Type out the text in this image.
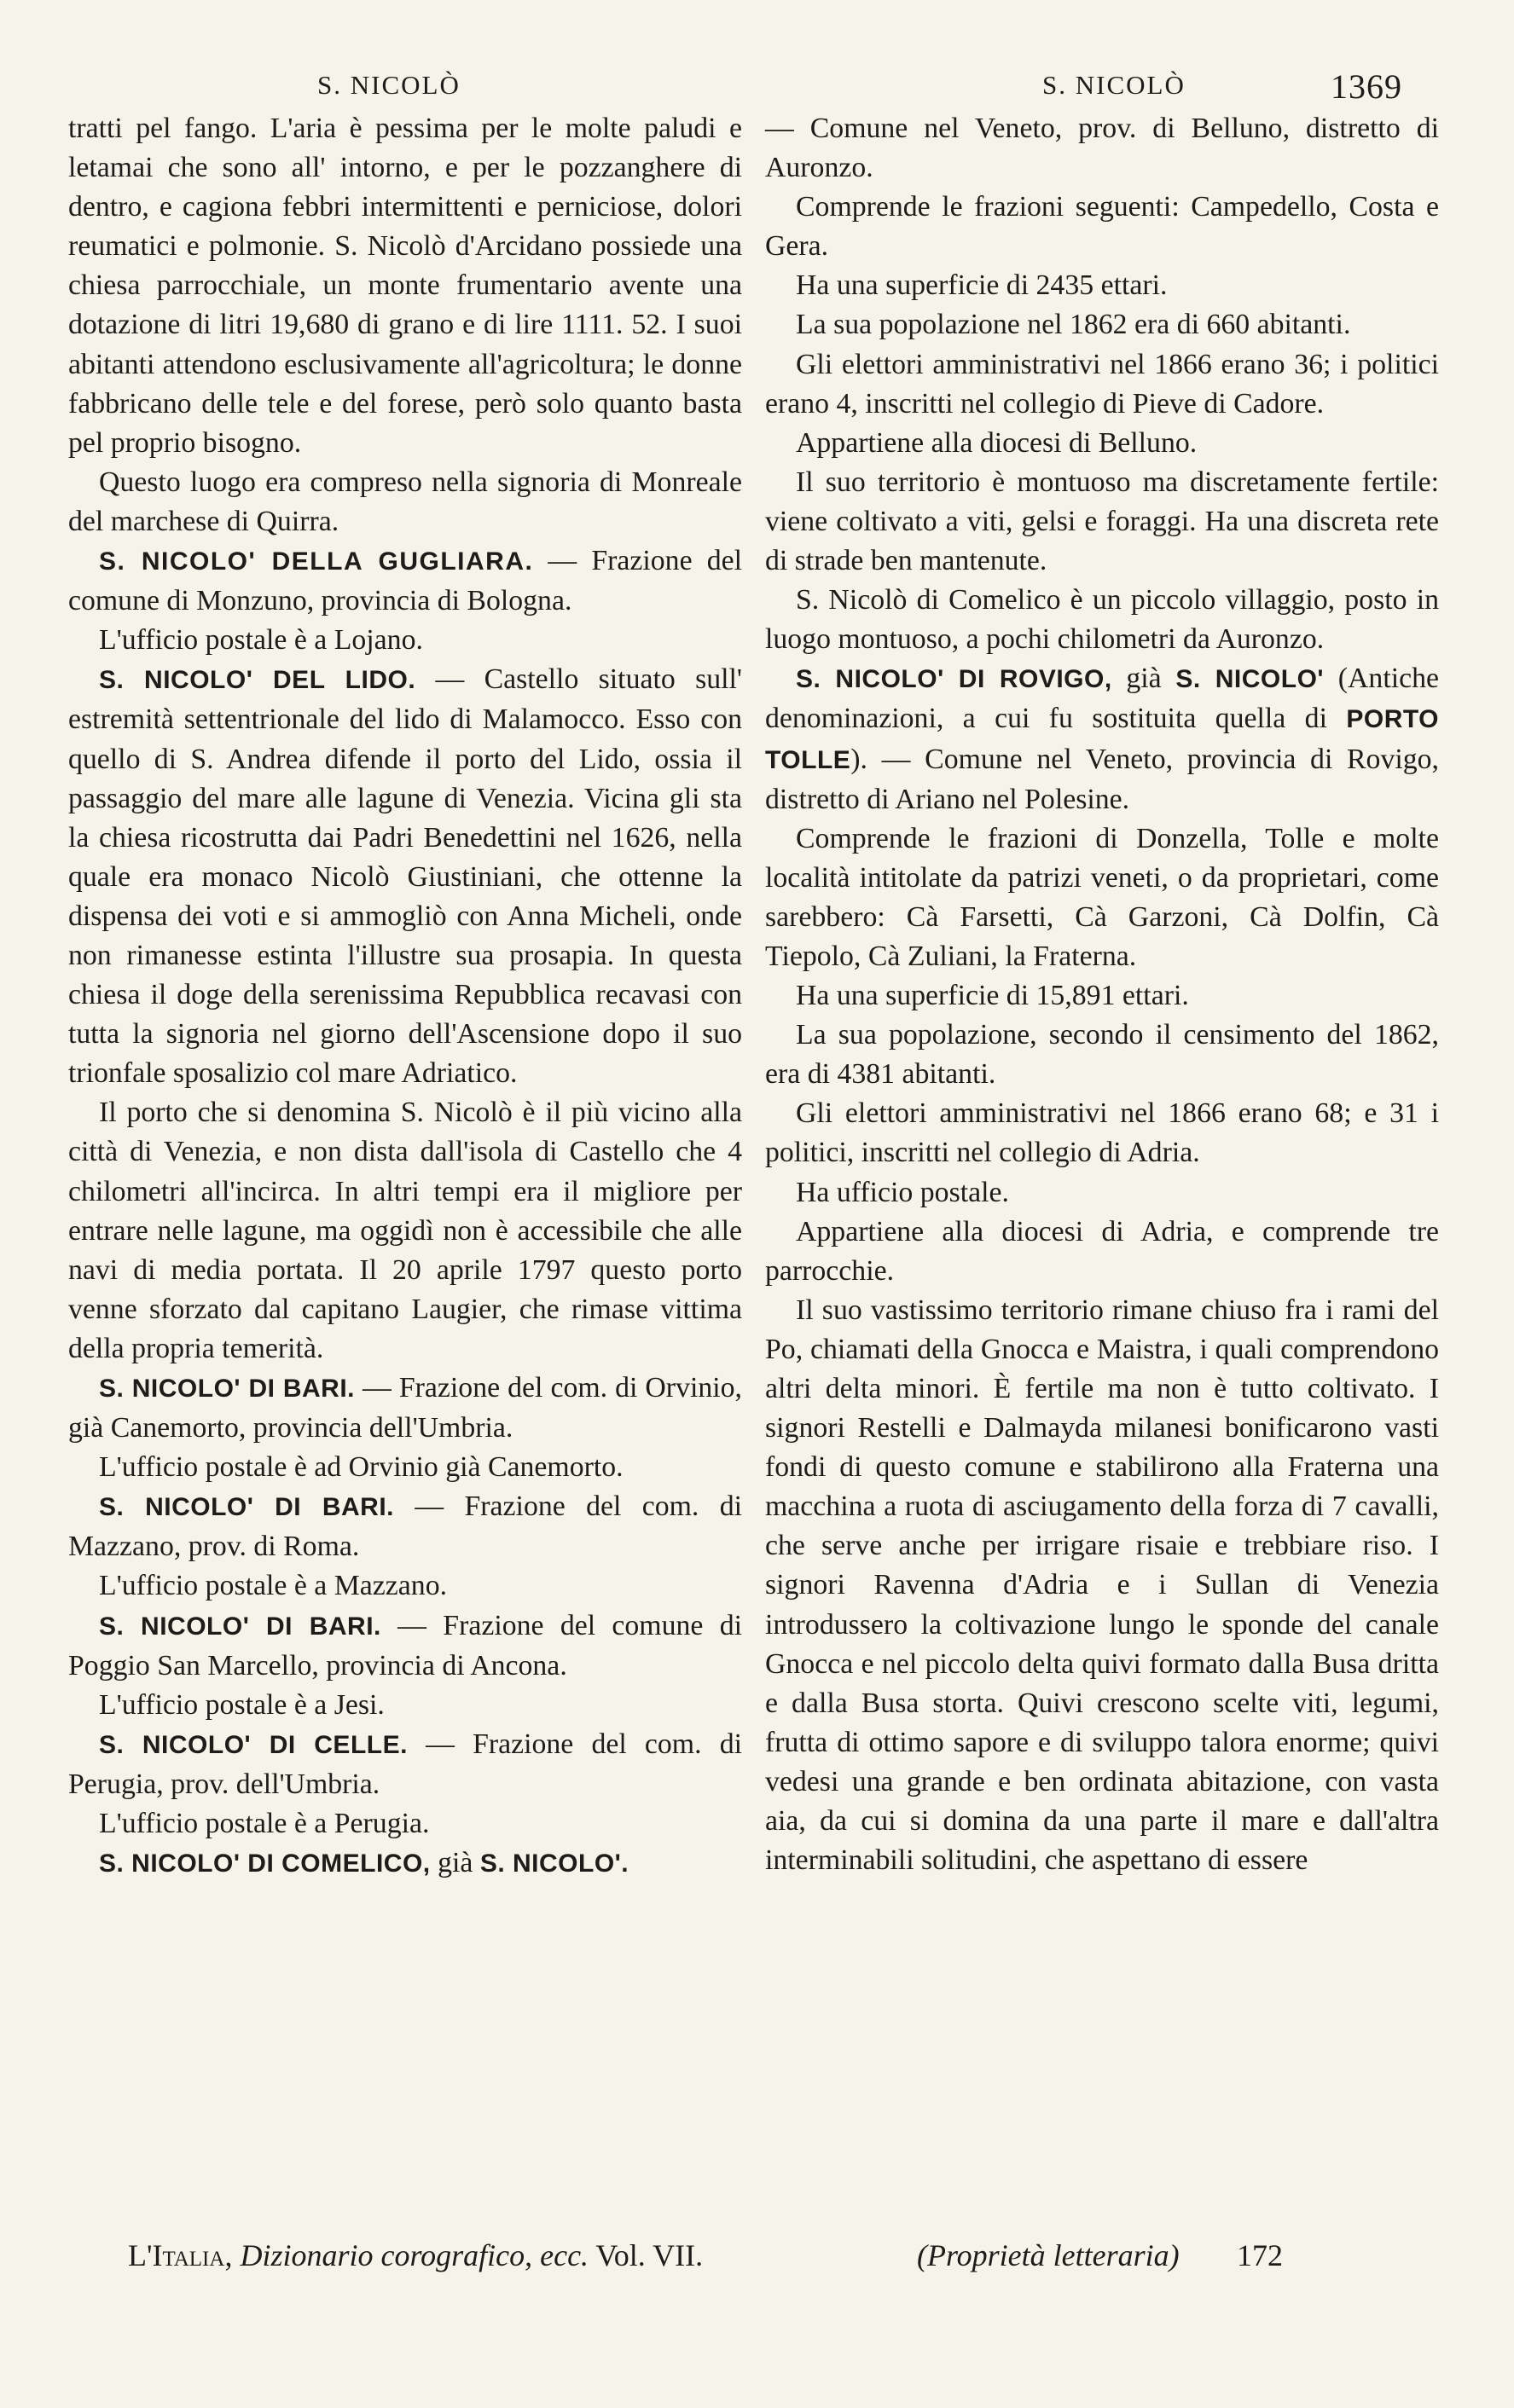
S. NICOLÒ	S. NICOLÒ	1369

tratti pel fango. L'aria è pessima per le molte paludi e letamai che sono all' intorno, e per le pozzanghere di dentro, e cagiona febbri intermittenti e perniciose, dolori reumatici e polmonie. S. Nicolò d'Arcidano possiede una chiesa parrocchiale, un monte frumentario avente una dotazione di litri 19,680 di grano e di lire 1111. 52. I suoi abitanti attendono esclusivamente all'agricoltura; le donne fabbricano delle tele e del forese, però solo quanto basta pel proprio bisogno.

Questo luogo era compreso nella signoria di Monreale del marchese di Quirra.

S. NICOLO' DELLA GUGLIARA. — Frazione del comune di Monzuno, provincia di Bologna.

L'ufficio postale è a Lojano.

S. NICOLO' DEL LIDO. — Castello situato sull' estremità settentrionale del lido di Malamocco. Esso con quello di S. Andrea difende il porto del Lido, ossia il passaggio del mare alle lagune di Venezia. Vicina gli sta la chiesa ricostrutta dai Padri Benedettini nel 1626, nella quale era monaco Nicolò Giustiniani, che ottenne la dispensa dei voti e si ammogliò con Anna Micheli, onde non rimanesse estinta l'illustre sua prosapia. In questa chiesa il doge della serenissima Repubblica recavasi con tutta la signoria nel giorno dell'Ascensione dopo il suo trionfale sposalizio col mare Adriatico.

Il porto che si denomina S. Nicolò è il più vicino alla città di Venezia, e non dista dall'isola di Castello che 4 chilometri all'incirca. In altri tempi era il migliore per entrare nelle lagune, ma oggidì non è accessibile che alle navi di media portata. Il 20 aprile 1797 questo porto venne sforzato dal capitano Laugier, che rimase vittima della propria temerità.

S. NICOLO' DI BARI. — Frazione del com. di Orvinio, già Canemorto, provincia dell'Umbria.

L'ufficio postale è ad Orvinio già Canemorto.

S. NICOLO' DI BARI. — Frazione del com. di Mazzano, prov. di Roma.

L'ufficio postale è a Mazzano.

S. NICOLO' DI BARI. — Frazione del comune di Poggio San Marcello, provincia di Ancona.

L'ufficio postale è a Jesi.

S. NICOLO' DI CELLE. — Frazione del com. di Perugia, prov. dell'Umbria.

L'ufficio postale è a Perugia.

S. NICOLO' DI COMELICO, già S. NICOLO'.

— Comune nel Veneto, prov. di Belluno, distretto di Auronzo.

Comprende le frazioni seguenti: Campedello, Costa e Gera.

Ha una superficie di 2435 ettari.

La sua popolazione nel 1862 era di 660 abitanti.

Gli elettori amministrativi nel 1866 erano 36; i politici erano 4, inscritti nel collegio di Pieve di Cadore.

Appartiene alla diocesi di Belluno.

Il suo territorio è montuoso ma discretamente fertile: viene coltivato a viti, gelsi e foraggi. Ha una discreta rete di strade ben mantenute.

S. Nicolò di Comelico è un piccolo villaggio, posto in luogo montuoso, a pochi chilometri da Auronzo.

S. NICOLO' DI ROVIGO, già S. NICOLO' (Antiche denominazioni, a cui fu sostituita quella di PORTO TOLLE). — Comune nel Veneto, provincia di Rovigo, distretto di Ariano nel Polesine.

Comprende le frazioni di Donzella, Tolle e molte località intitolate da patrizi veneti, o da proprietari, come sarebbero: Cà Farsetti, Cà Garzoni, Cà Dolfin, Cà Tiepolo, Cà Zuliani, la Fraterna.

Ha una superficie di 15,891 ettari.

La sua popolazione, secondo il censimento del 1862, era di 4381 abitanti.

Gli elettori amministrativi nel 1866 erano 68; e 31 i politici, inscritti nel collegio di Adria.

Ha ufficio postale.

Appartiene alla diocesi di Adria, e comprende tre parrocchie.

Il suo vastissimo territorio rimane chiuso fra i rami del Po, chiamati della Gnocca e Maistra, i quali comprendono altri delta minori. È fertile ma non è tutto coltivato. I signori Restelli e Dalmayda milanesi bonificarono vasti fondi di questo comune e stabilirono alla Fraterna una macchina a ruota di asciugamento della forza di 7 cavalli, che serve anche per irrigare risaie e trebbiare riso. I signori Ravenna d'Adria e i Sullan di Venezia introdussero la coltivazione lungo le sponde del canale Gnocca e nel piccolo delta quivi formato dalla Busa dritta e dalla Busa storta. Quivi crescono scelte viti, legumi, frutta di ottimo sapore e di sviluppo talora enorme; quivi vedesi una grande e ben ordinata abitazione, con vasta aia, da cui si domina da una parte il mare e dall'altra interminabili solitudini, che aspettano di essere

L'Italia, Dizionario corografico, ecc. Vol. VII.	(Proprietà letteraria) 172
